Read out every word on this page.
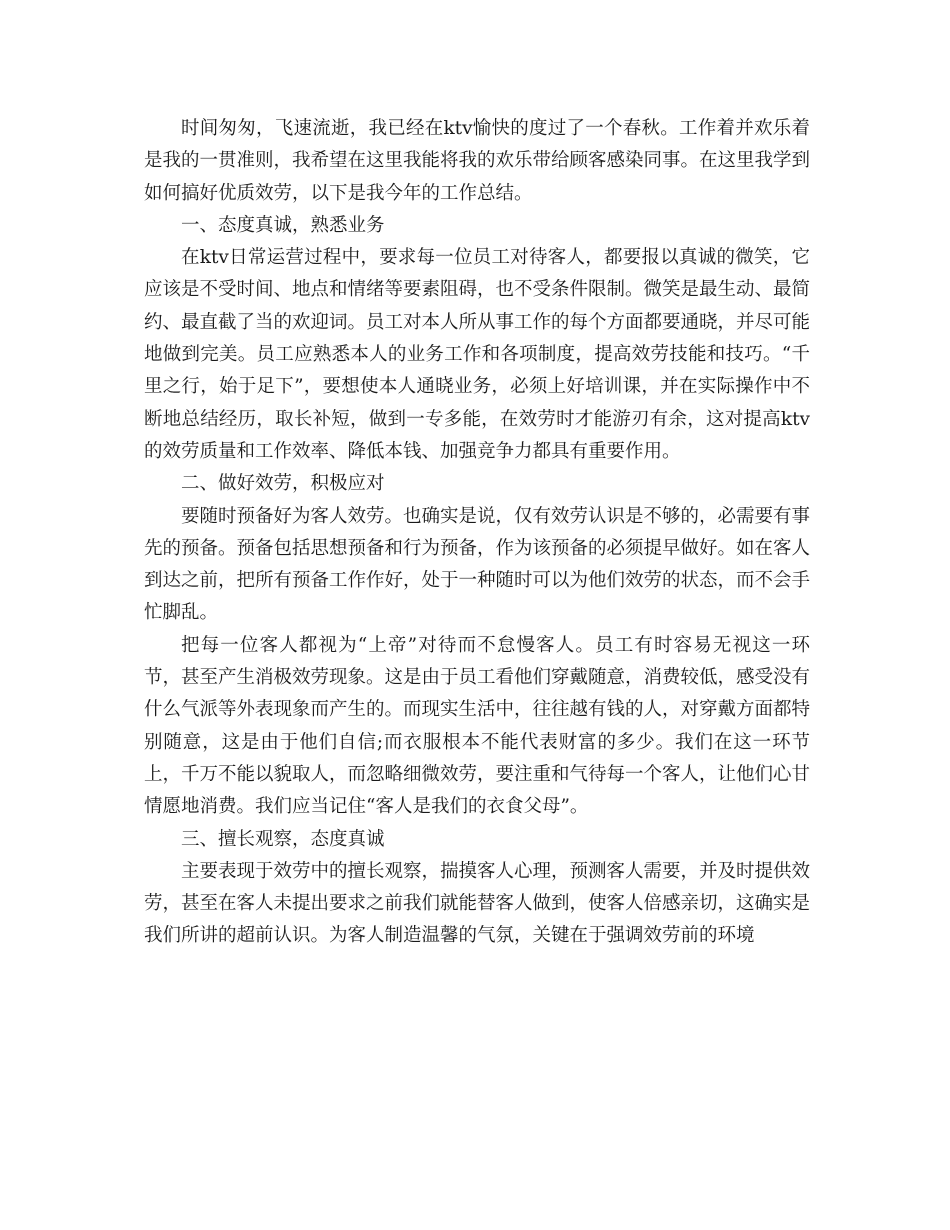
时间匆匆，飞速流逝，我已经在ktv愉快的度过了一个春秋。工作着并欢乐着是我的一贯准则，我希望在这里我能将我的欢乐带给顾客感染同事。在这里我学到如何搞好优质效劳，以下是我今年的工作总结。

一、态度真诚，熟悉业务

在ktv日常运营过程中，要求每一位员工对待客人，都要报以真诚的微笑，它应该是不受时间、地点和情绪等要素阻碍，也不受条件限制。微笑是最生动、最简约、最直截了当的欢迎词。员工对本人所从事工作的每个方面都要通晓，并尽可能地做到完美。员工应熟悉本人的业务工作和各项制度，提高效劳技能和技巧。“千里之行，始于足下”，要想使本人通晓业务，必须上好培训课，并在实际操作中不断地总结经历，取长补短，做到一专多能，在效劳时才能游刃有余，这对提高ktv的效劳质量和工作效率、降低本钱、加强竞争力都具有重要作用。

二、做好效劳，积极应对

要随时预备好为客人效劳。也确实是说，仅有效劳认识是不够的，必需要有事先的预备。预备包括思想预备和行为预备，作为该预备的必须提早做好。如在客人到达之前，把所有预备工作作好，处于一种随时可以为他们效劳的状态，而不会手忙脚乱。

把每一位客人都视为“上帝”对待而不怠慢客人。员工有时容易无视这一环节，甚至产生消极效劳现象。这是由于员工看他们穿戴随意，消费较低，感受没有什么气派等外表现象而产生的。而现实生活中，往往越有钱的人，对穿戴方面都特别随意，这是由于他们自信;而衣服根本不能代表财富的多少。我们在这一环节上，千万不能以貌取人，而忽略细微效劳，要注重和气待每一个客人，让他们心甘情愿地消费。我们应当记住“客人是我们的衣食父母”。

三、擅长观察，态度真诚

主要表现于效劳中的擅长观察，揣摸客人心理，预测客人需要，并及时提供效劳，甚至在客人未提出要求之前我们就能替客人做到，使客人倍感亲切，这确实是我们所讲的超前认识。为客人制造温馨的气氛，关键在于强调效劳前的环境
